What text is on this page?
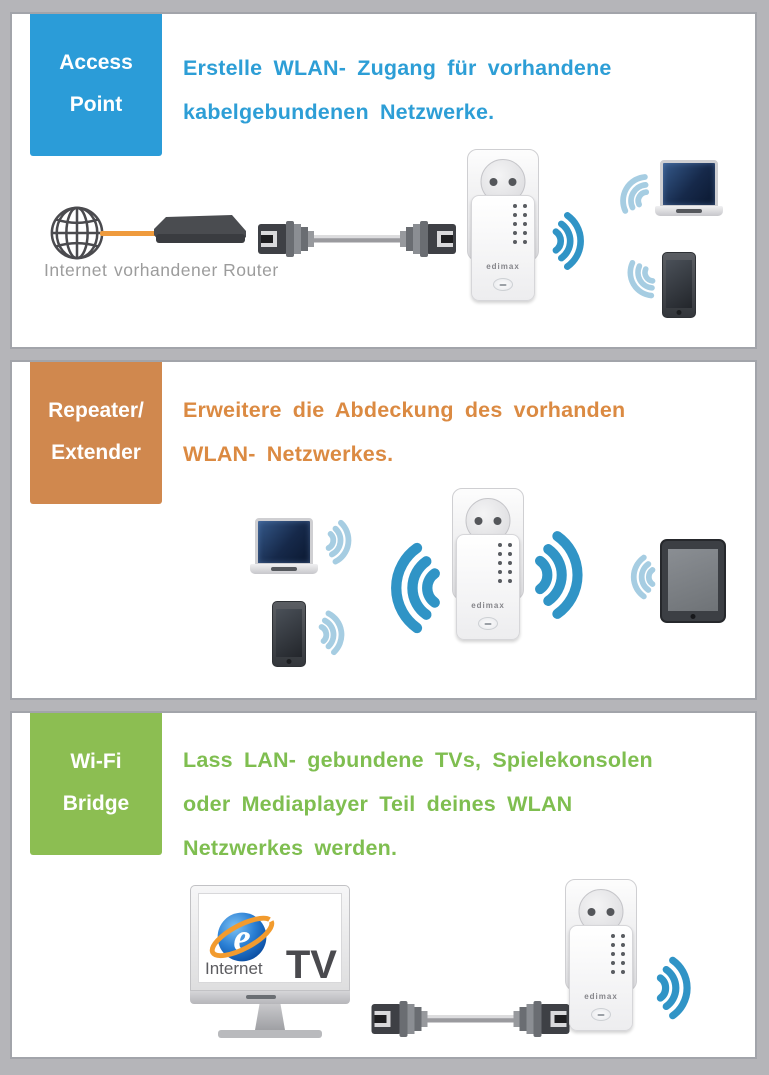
Access
Point
Erstelle WLAN- Zugang für vorhandene
kabelgebundenen Netzwerke.
Internet vorhandener Router	edimax
Repeater/
Extender
Erweitere die Abdeckung des vorhanden
WLAN- Netzwerkes.
edimax
Wi-Fi
Bridge
Lass LAN- gebundene TVs, Spielekonsolen
oder Mediaplayer Teil deines WLAN
Netzwerkes werden.
e
Internet TV
edimax
